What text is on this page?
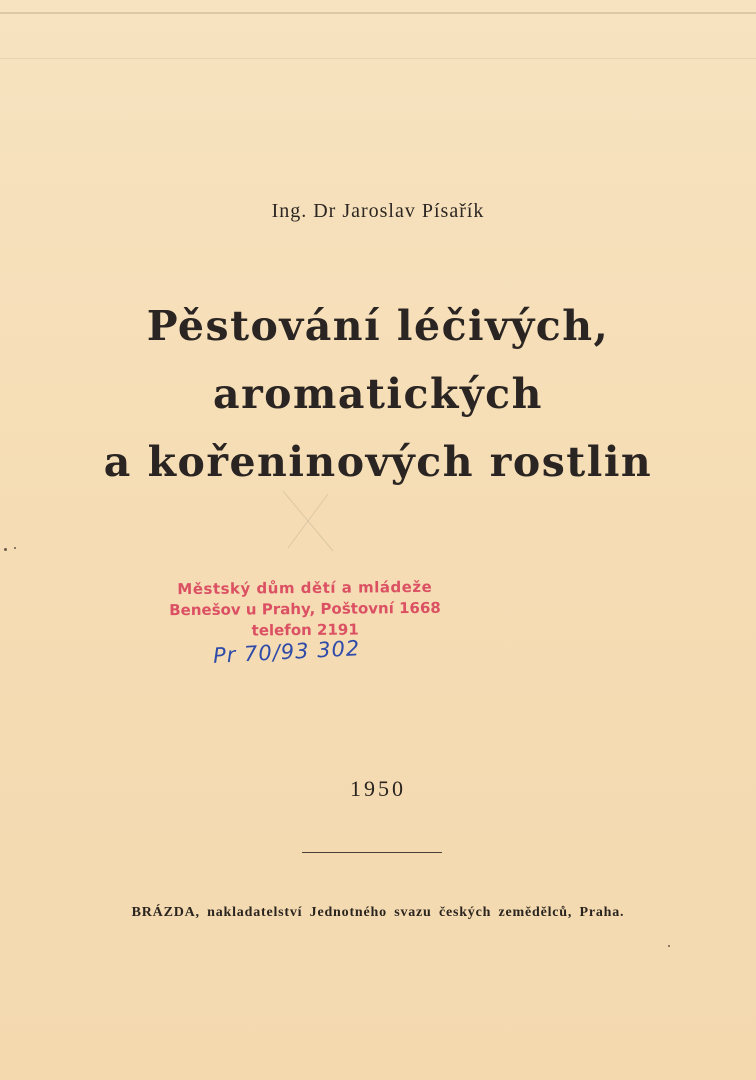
Ing. Dr Jaroslav Písařík
Pěstování léčivých,
aromatických
a kořeninových rostlin
Městský dům dětí a mládeže
Benešov u Prahy, Poštovní 1668
telefon 2191
Pr 70/93 302
1950
BRÁZDA, nakladatelství Jednotného svazu českých zemědělců, Praha.
